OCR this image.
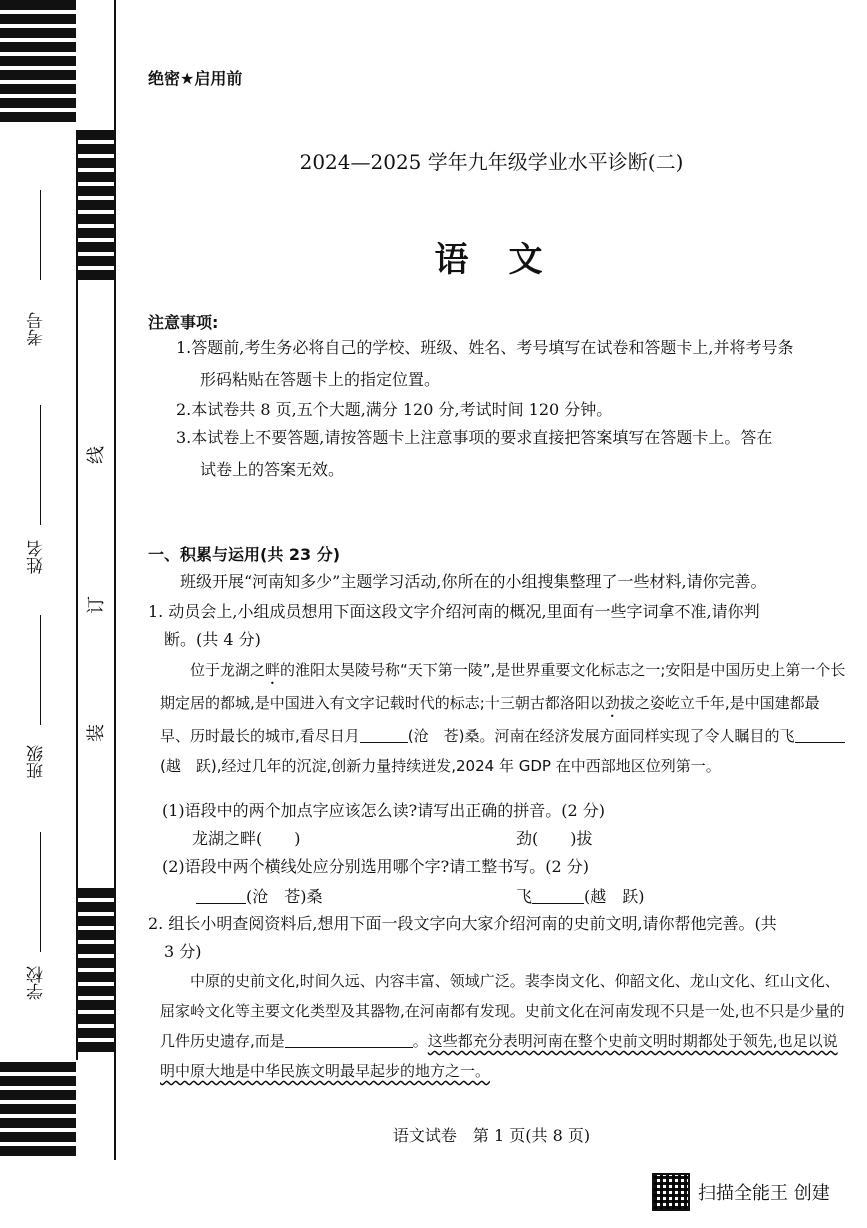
考号
姓名
班级
学校
线
订
装
绝密★启用前
2024—2025 学年九年级学业水平诊断(二)
语文
注意事项:
1.答题前,考生务必将自己的学校、班级、姓名、考号填写在试卷和答题卡上,并将考号条
形码粘贴在答题卡上的指定位置。
2.本试卷共 8 页,五个大题,满分 120 分,考试时间 120 分钟。
3.本试卷上不要答题,请按答题卡上注意事项的要求直接把答案填写在答题卡上。答在
试卷上的答案无效。
一、积累与运用(共 23 分)
班级开展“河南知多少”主题学习活动,你所在的小组搜集整理了一些材料,请你完善。
1. 动员会上,小组成员想用下面这段文字介绍河南的概况,里面有一些字词拿不准,请你判
断。(共 4 分)
位于龙湖之畔的淮阳太昊陵号称“天下第一陵”,是世界重要文化标志之一;安阳是中国历史上第一个长期定居的都城,是中国进入有文字记载时代的标志;十三朝古都洛阳以劲拔之姿屹立千年,是中国建都最早、历时最长的城市,看尽日月	(沧　苍)桑。河南在经济发展方面同样实现了令人瞩目的飞(越　跃),经过几年的沉淀,创新力量持续迸发,2024 年 GDP 在中西部地区位列第一。
(1)语段中的两个加点字应该怎么读?请写出正确的拼音。(2 分)
龙湖之畔(　　)	劲(　　)拔
(2)语段中两个横线处应分别选用哪个字?请工整书写。(2 分)
(沧　苍)桑	飞	(越　跃)
2. 组长小明查阅资料后,想用下面一段文字向大家介绍河南的史前文明,请你帮他完善。(共
3 分)
中原的史前文化,时间久远、内容丰富、领域广泛。裴李岗文化、仰韶文化、龙山文化、红山文化、屈家岭文化等主要文化类型及其器物,在河南都有发现。史前文化在河南发现不只是一处,也不只是少量的几件历史遗存,而是	。这些都充分表明河南在整个史前文明时期都处于领先,也足以说明中原大地是中华民族文明最早起步的地方之一。
语文试卷　第 1 页(共 8 页)
扫描全能王 创建
